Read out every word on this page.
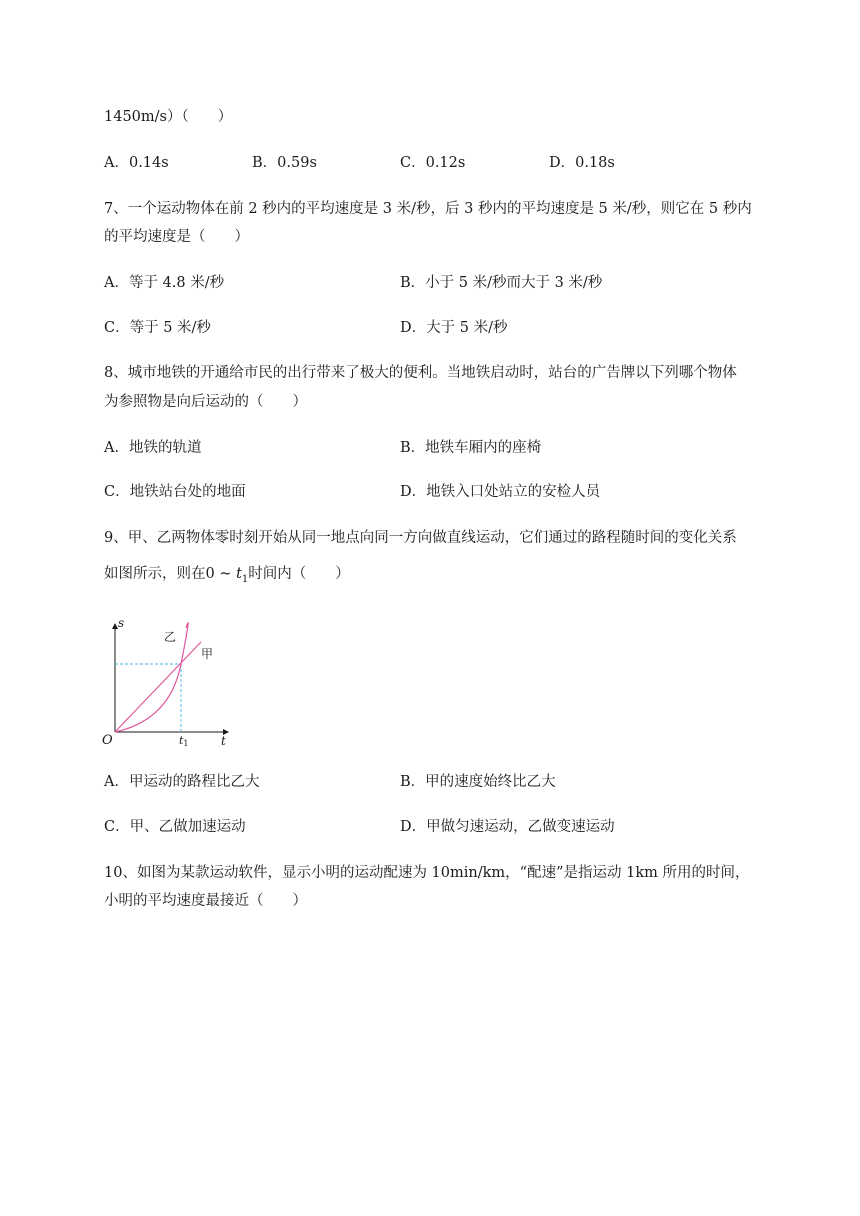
1450m/s）（　　）
A．0.14s	B．0.59s	C．0.12s	D．0.18s
7、一个运动物体在前 2 秒内的平均速度是 3 米/秒，后 3 秒内的平均速度是 5 米/秒，则它在 5 秒内
的平均速度是（　　）
A．等于 4.8 米/秒	B．小于 5 米/秒而大于 3 米/秒
C．等于 5 米/秒	D．大于 5 米/秒
8、城市地铁的开通给市民的出行带来了极大的便利。当地铁启动时，站台的广告牌以下列哪个物体
为参照物是向后运动的（　　）
A．地铁的轨道	B．地铁车厢内的座椅
C．地铁站台处的地面	D．地铁入口处站立的安检人员
9、甲、乙两物体零时刻开始从同一地点向同一方向做直线运动，它们通过的路程随时间的变化关系
如图所示，则在0 ~ $t_1$时间内（　　）
s
t
O	t1
乙
甲
A．甲运动的路程比乙大	B．甲的速度始终比乙大
C．甲、乙做加速运动	D．甲做匀速运动，乙做变速运动
10、如图为某款运动软件，显示小明的运动配速为 10min/km，“配速”是指运动 1km 所用的时间，
小明的平均速度最接近（　　）
